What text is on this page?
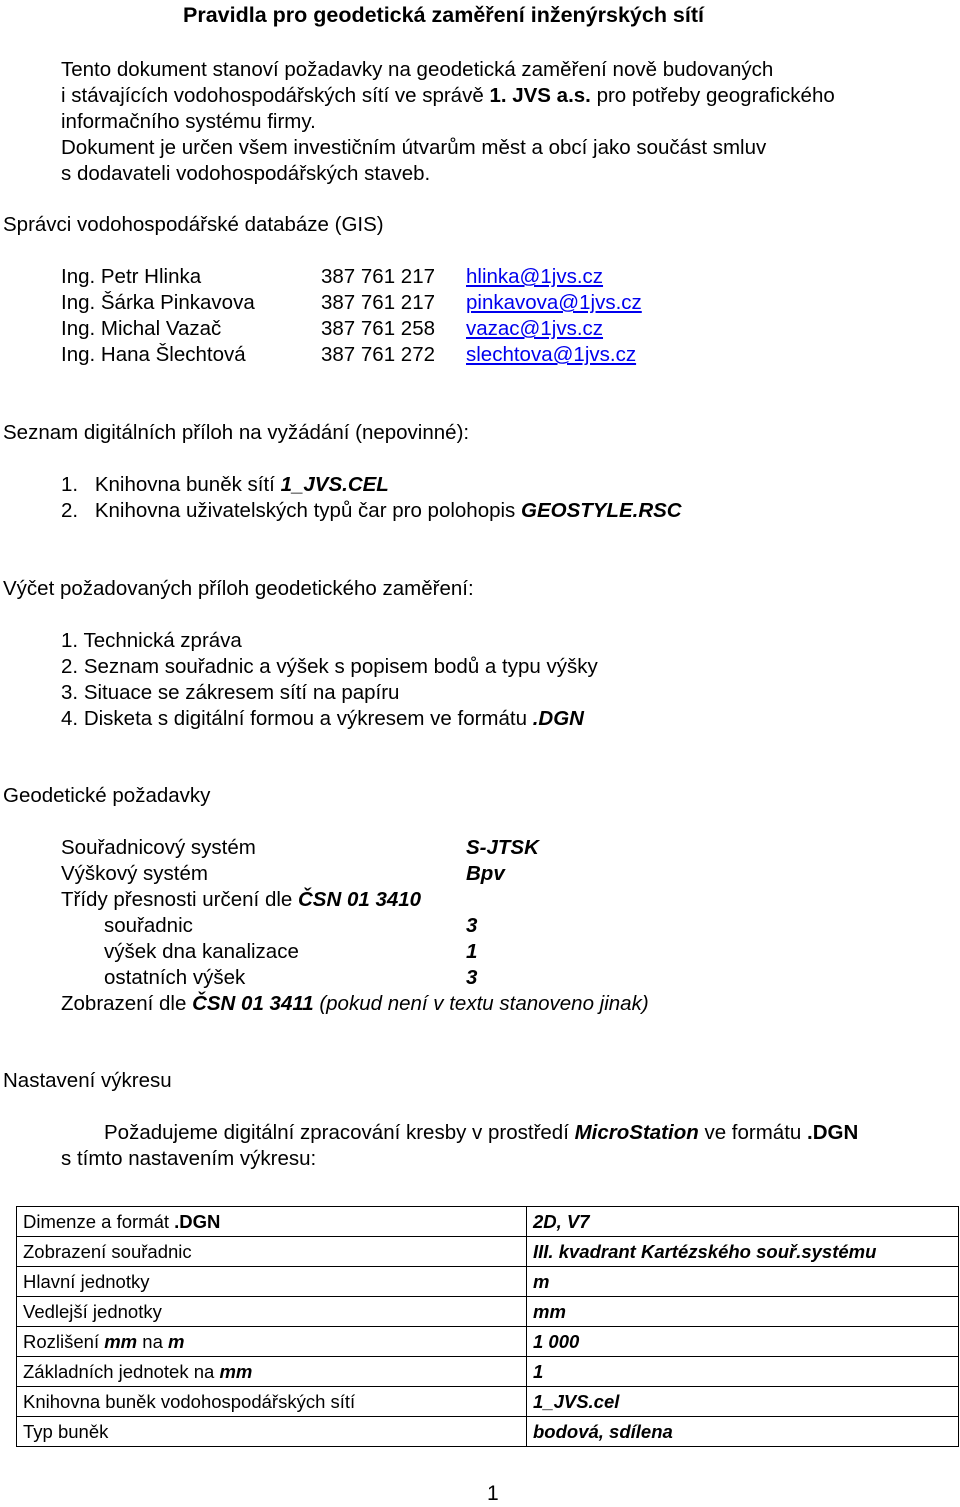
Pravidla pro geodetická zaměření inženýrských sítí
Tento dokument stanoví požadavky na geodetická zaměření nově budovaných
i stávajících vodohospodářských sítí ve správě 1. JVS a.s. pro potřeby geografického
informačního systému firmy.
Dokument je určen všem investičním útvarům měst a obcí jako součást smluv
s dodavateli vodohospodářských staveb.
Správci vodohospodářské databáze (GIS)
Ing. Petr Hlinka	387 761 217 hlinka@1jvs.cz
Ing. Šárka Pinkavova	387 761 217 pinkavova@1jvs.cz
Ing. Michal Vazač	387 761 258 vazac@1jvs.cz
Ing. Hana Šlechtová	387 761 272 slechtova@1jvs.cz
Seznam digitálních příloh na vyžádání (nepovinné):
1. Knihovna buněk sítí 1_JVS.CEL
2. Knihovna uživatelských typů čar pro polohopis GEOSTYLE.RSC
Výčet požadovaných příloh geodetického zaměření:
1. Technická zpráva
2. Seznam souřadnic a výšek s popisem bodů a typu výšky
3. Situace se zákresem sítí na papíru
4. Disketa s digitální formou a výkresem ve formátu .DGN
Geodetické požadavky
Souřadnicový systém	S-JTSK
Výškový systém	Bpv
Třídy přesnosti určení dle ČSN 01 3410
souřadnic	3
výšek dna kanalizace	1
ostatních výšek	3
Zobrazení dle ČSN 01 3411 (pokud není v textu stanoveno jinak)
Nastavení výkresu
Požadujeme digitální zpracování kresby v prostředí MicroStation ve formátu .DGN
s tímto nastavením výkresu:
Dimenze a formát .DGN	2D, V7
Zobrazení souřadnic	III. kvadrant Kartézského souř.systému
Hlavní jednotky	m
Vedlejší jednotky	mm
Rozlišení mm na m	1 000
Základních jednotek na mm	1
Knihovna buněk vodohospodářských sítí	1_JVS.cel
Typ buněk	bodová, sdílena
1
